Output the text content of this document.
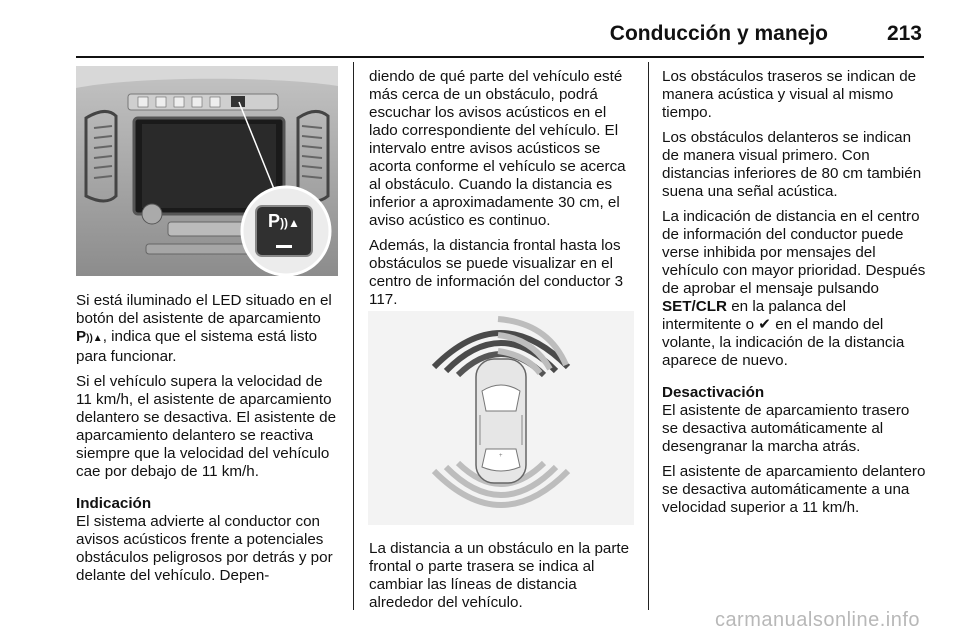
Conducción y manejo	213
P))▲

Si está iluminado el LED situado en el botón del asistente de aparcamiento P))▲, indica que el sistema está listo para funcionar.

Si el vehículo supera la velocidad de 11 km/h, el asistente de aparcamiento delantero se desactiva. El asistente de aparcamiento delantero se reactiva siempre que la velocidad del vehículo cae por debajo de 11 km/h.

Indicación

El sistema advierte al conductor con avisos acústicos frente a potenciales obstáculos peligrosos por detrás y por delante del vehículo. Depen-

diendo de qué parte del vehículo esté más cerca de un obstáculo, podrá escuchar los avisos acústicos en el lado correspondiente del vehículo. El intervalo entre avisos acústicos se acorta conforme el vehículo se acerca al obstáculo. Cuando la distancia es inferior a aproximadamente 30 cm, el aviso acústico es continuo.

Además, la distancia frontal hasta los obstáculos se puede visualizar en el centro de información del conductor 3 117.

+

La distancia a un obstáculo en la parte frontal o parte trasera se indica al cambiar las líneas de distancia alrededor del vehículo.

Los obstáculos traseros se indican de manera acústica y visual al mismo tiempo.

Los obstáculos delanteros se indican de manera visual primero. Con distancias inferiores de 80 cm también suena una señal acústica.

La indicación de distancia en el centro de información del conductor puede verse inhibida por mensajes del vehículo con mayor prioridad. Después de aprobar el mensaje pulsando SET/CLR en la palanca del intermitente o ✔ en el mando del volante, la indicación de la distancia aparece de nuevo.

Desactivación

El asistente de aparcamiento trasero se desactiva automáticamente al desengranar la marcha atrás.

El asistente de aparcamiento delantero se desactiva automáticamente a una velocidad superior a 11 km/h.

carmanualsonline.info
